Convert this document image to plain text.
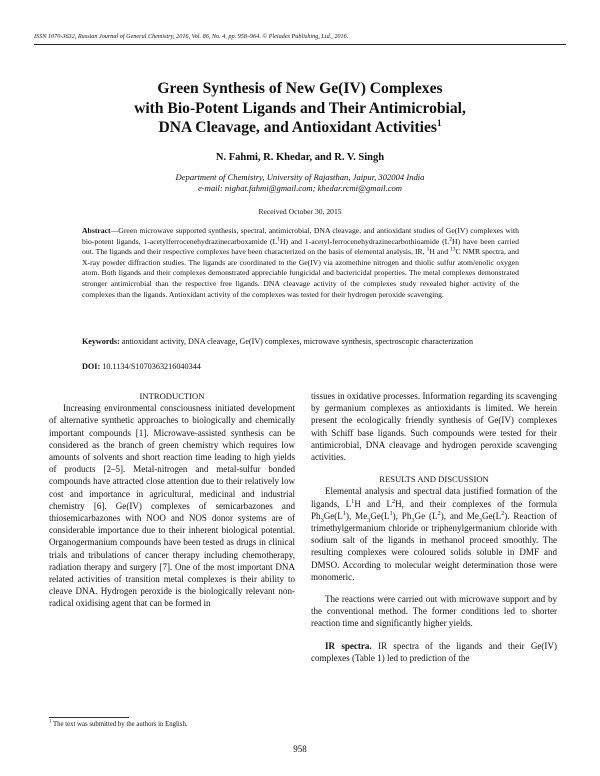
ISSN 1070-3632, Russian Journal of General Chemistry, 2016, Vol. 86, No. 4, pp. 958–964. © Pleiades Publishing, Ltd., 2016.
Green Synthesis of New Ge(IV) Complexes
with Bio-Potent Ligands and Their Antimicrobial,
DNA Cleavage, and Antioxidant Activities$^1$
N. Fahmi, R. Khedar, and R. V. Singh
Department of Chemistry, University of Rajasthan, Jaipur, 302004 India
e-mail: nighat.fahmi@gmail.com; khedar.rcmi@gmail.com
Received October 30, 2015
Abstract—Green microwave supported synthesis, spectral, antimicrobial, DNA cleavage, and antioxidant studies of Ge(IV) complexes with bio-potent ligands, 1-acetylferrocenehydrazinecarboxamide $(L^1H)$ and 1-acetyl-ferrocenehydrazinecarbothioamide $(L^2H)$ have been carried out. The ligands and their respective complexes have been characterized on the basis of elemental analysis, IR, $^1$H and $^{13}$C NMR spectra, and X-ray powder diffraction studies. The ligands are coordinated to the Ge(IV) via azomethine nitrogen and thiolic sulfur atom/enolic oxygen atom. Both ligands and their complexes demonstrated appreciable fungicidal and bactericidal properties. The metal complexes demonstrated stronger antimicrobial than the respective free ligands. DNA cleavage activity of the complexes study revealed higher activity of the complexes than the ligands. Antioxidant activity of the complexes was tested for their hydrogen peroxide scavenging.
Keywords: antioxidant activity, DNA cleavage, Ge(IV) complexes, microwave synthesis, spectroscopic characterization
DOI: 10.1134/S1070363216040344

INTRODUCTION

Increasing environmental consciousness initiated development of alternative synthetic approaches to biologically and chemically important compounds [1]. Microwave-assisted synthesis can be considered as the branch of green chemistry which requires low amounts of solvents and short reaction time leading to high yields of products [2–5]. Metal-nitrogen and metal-sulfur bonded compounds have attracted close attention due to their relatively low cost and importance in agricultural, medicinal and industrial chemistry [6]. Ge(IV) complexes of semicarbazones and thiosemicarbazones with NOO and NOS donor systems are of considerable importance due to their inherent biological potential. Organogermanium compounds have been tested as drugs in clinical trials and tribulations of cancer therapy including chemotherapy, radiation therapy and surgery [7]. One of the most important DNA related activities of transition metal complexes is their ability to cleave DNA. Hydrogen peroxide is the biologically relevant non-radical oxidising agent that can be formed in

tissues in oxidative processes. Information regarding its scavenging by germanium complexes as antioxidants is limited. We herein present the ecologically friendly synthesis of Ge(IV) complexes with Schiff base ligands. Such compounds were tested for their antimicrobial, DNA cleavage and hydrogen peroxide scavenging activities.

RESULTS AND DISCUSSION

Elemental analysis and spectral data justified formation of the ligands, $L^1H$ and $L^2H$, and their complexes of the formula $Ph_3Ge(L^1)$, $Me_3Ge(L^1)$, $Ph_3Ge$ $(L^2)$, and $Me_3Ge(L^2)$. Reaction of trimethylgermanium chloride or triphenylgermanium chloride with sodium salt of the ligands in methanol proceed smoothly. The resulting complexes were coloured solids soluble in DMF and DMSO. According to molecular weight determination those were monomeric.

The reactions were carried out with microwave support and by the conventional method. The former conditions led to shorter reaction time and significantly higher yields.

IR spectra. IR spectra of the ligands and their Ge(IV) complexes (Table 1) led to prediction of the

$^1$ The text was submitted by the authors in English.
958
